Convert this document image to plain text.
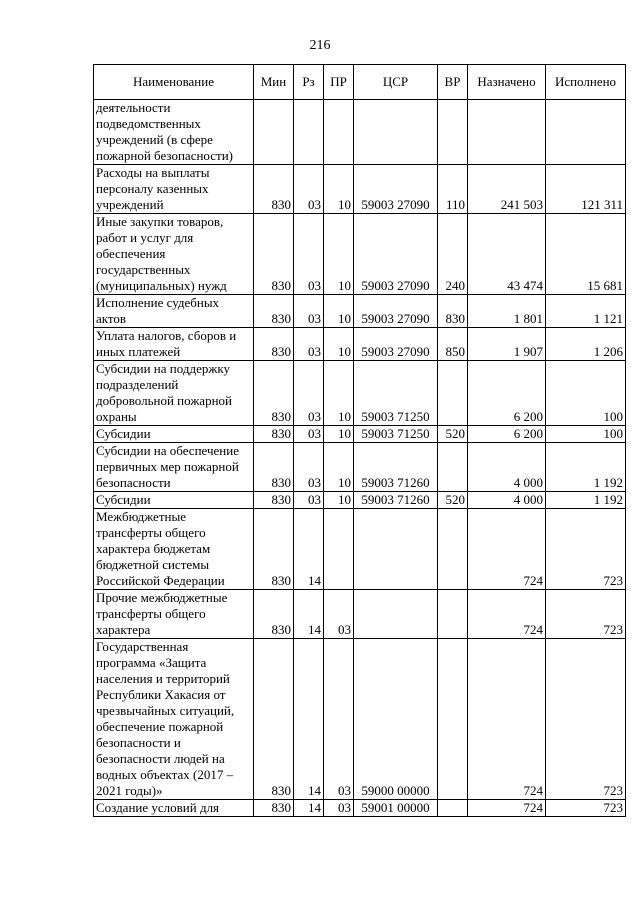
216
Наименование	Мин	Рз	ПР	ЦСР	ВР	Назначено	Исполнено
деятельности подведомственных учреждений (в сфере пожарной безопасности)							
Расходы на выплаты персоналу казенных учреждений	830	03	10	59003 27090	110	241 503	121 311
Иные закупки товаров, работ и услуг для обеспечения государственных (муниципальных) нужд	830	03	10	59003 27090	240	43 474	15 681
Исполнение судебных актов	830	03	10	59003 27090	830	1 801	1 121
Уплата налогов, сборов и иных платежей	830	03	10	59003 27090	850	1 907	1 206
Субсидии на поддержку подразделений добровольной пожарной охраны	830	03	10	59003 71250		6 200	100
Субсидии	830	03	10	59003 71250	520	6 200	100
Субсидии на обеспечение первичных мер пожарной безопасности	830	03	10	59003 71260		4 000	1 192
Субсидии	830	03	10	59003 71260	520	4 000	1 192
Межбюджетные трансферты общего характера бюджетам бюджетной системы Российской Федерации	830	14				724	723
Прочие межбюджетные трансферты общего характера	830	14	03			724	723
Государственная программа «Защита населения и территорий Республики Хакасия от чрезвычайных ситуаций, обеспечение пожарной безопасности и безопасности людей на водных объектах (2017 – 2021 годы)»	830	14	03	59000 00000		724	723
Создание условий для	830	14	03	59001 00000		724	723
